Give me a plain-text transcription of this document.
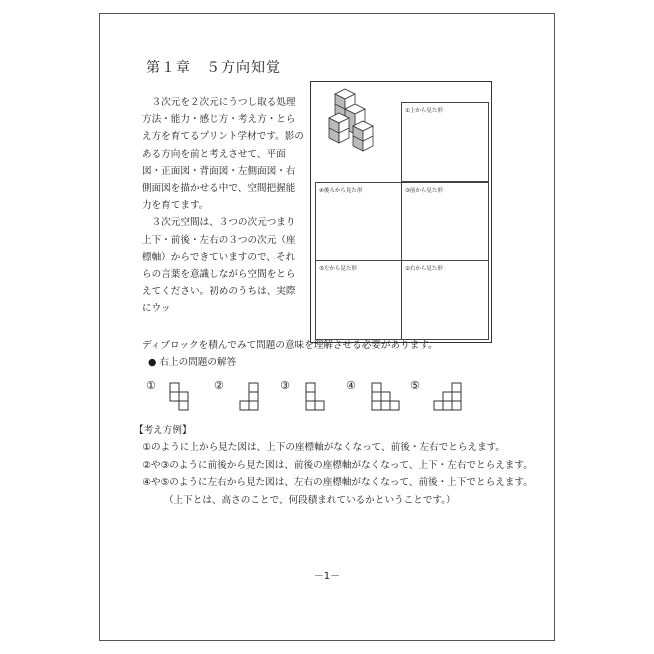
第１章　５方向知覚

３次元を２次元にうつし取る処理方法・能力・感じ方・考え方・とらえ方を育てるプリント学材です。影のある方向を前と考えさせて、平面図・正面図・背面図・左側面図・右側面図を描かせる中で、空間把握能力を育てます。

３次元空間は、３つの次元つまり上下・前後・左右の３つの次元（座標軸）からできていますので、それらの言葉を意識しながら空間をとらえてください。初めのうちは、実際にウッ

ディブロックを積んでみて問題の意味を理解させる必要があります。
①上から見た形
④後ろから見た形	③前から見た形
⑤左から見た形	②右から見た形
● 右上の問題の解答
①	②	③	④	⑤

【考え方例】

①のように上から見た図は、上下の座標軸がなくなって、前後・左右でとらえます。

②や③のように前後から見た図は、前後の座標軸がなくなって、上下・左右でとらえます。

④や⑤のように左右から見た図は、左右の座標軸がなくなって、前後・上下でとらえます。

（上下とは、高さのことで、何段積まれているかということです。）

－1－
